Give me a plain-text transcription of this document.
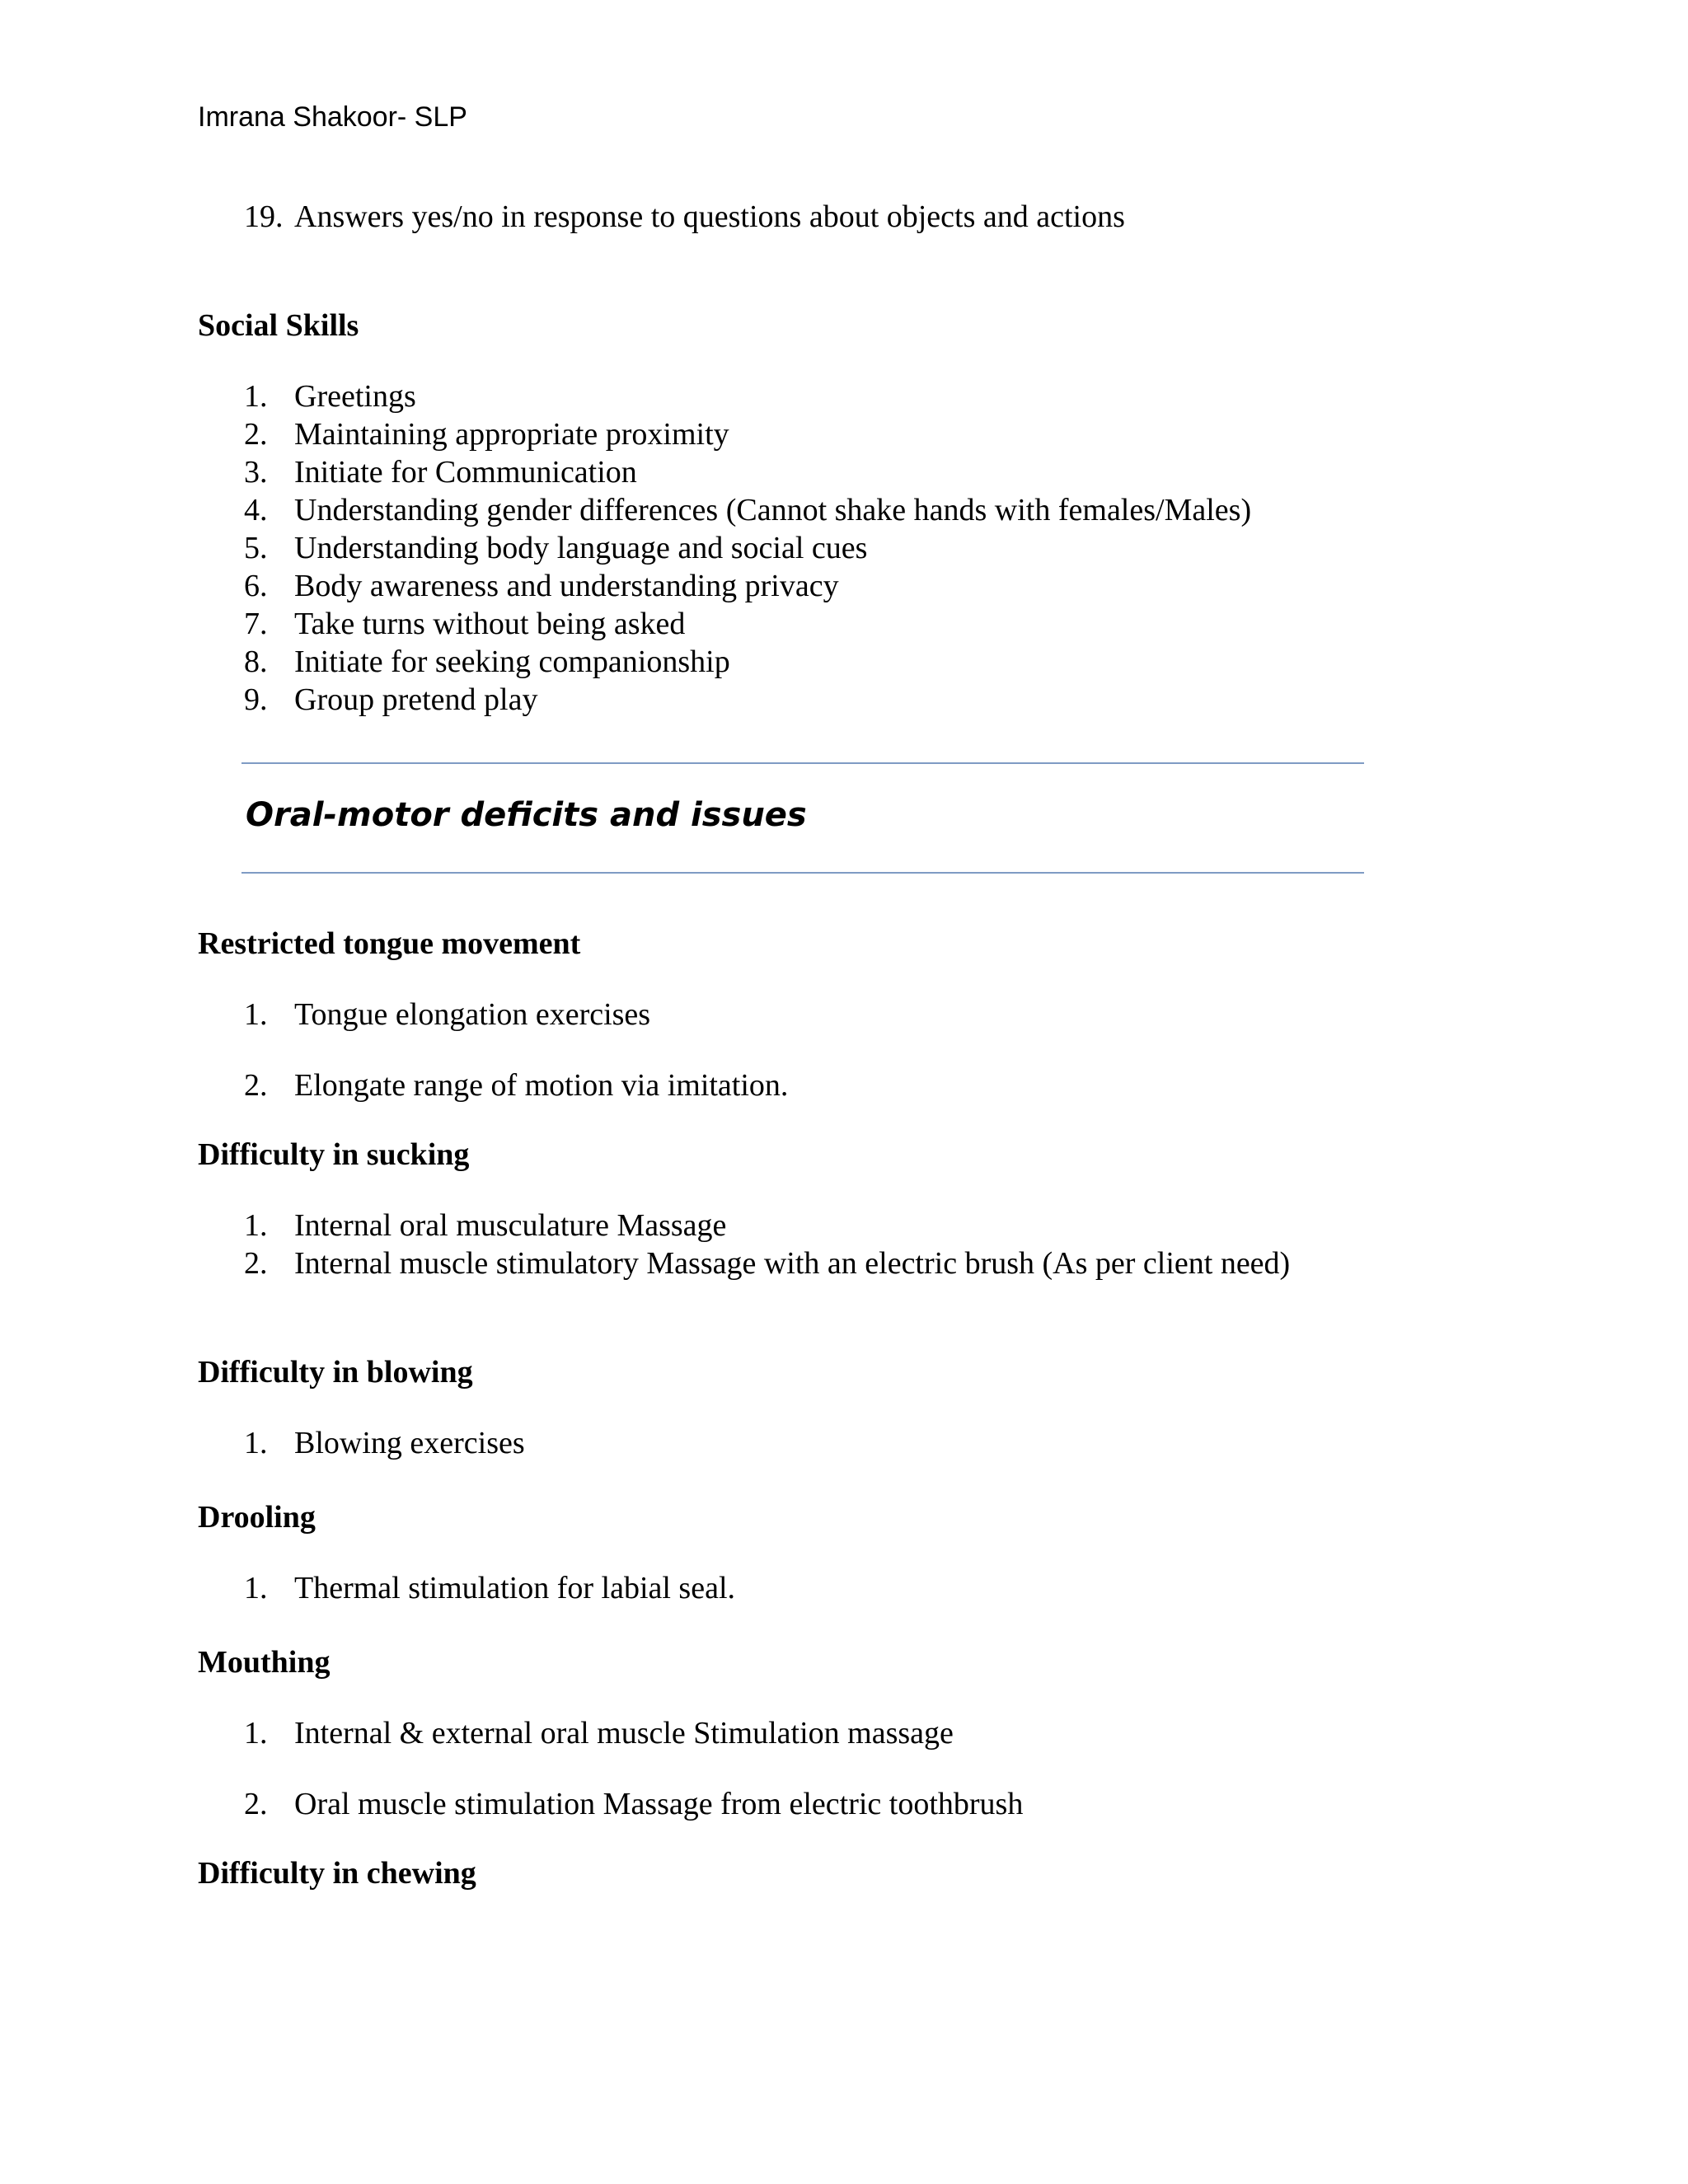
Imrana Shakoor- SLP
19. Answers yes/no in response to questions about objects and actions
Social Skills
1. Greetings
2. Maintaining appropriate proximity
3. Initiate for Communication
4. Understanding gender differences (Cannot shake hands with females/Males)
5. Understanding body language and social cues
6. Body awareness and understanding privacy
7. Take turns without being asked
8. Initiate for seeking companionship
9. Group pretend play
Oral-motor deficits and issues
Restricted tongue movement
1. Tongue elongation exercises
2. Elongate range of motion via imitation.
Difficulty in sucking
1. Internal oral musculature Massage
2. Internal muscle stimulatory Massage with an electric brush (As per client need)
Difficulty in blowing
1. Blowing exercises
Drooling
1. Thermal stimulation for labial seal.
Mouthing
1. Internal & external oral muscle Stimulation massage
2. Oral muscle stimulation Massage from electric toothbrush
Difficulty in chewing
